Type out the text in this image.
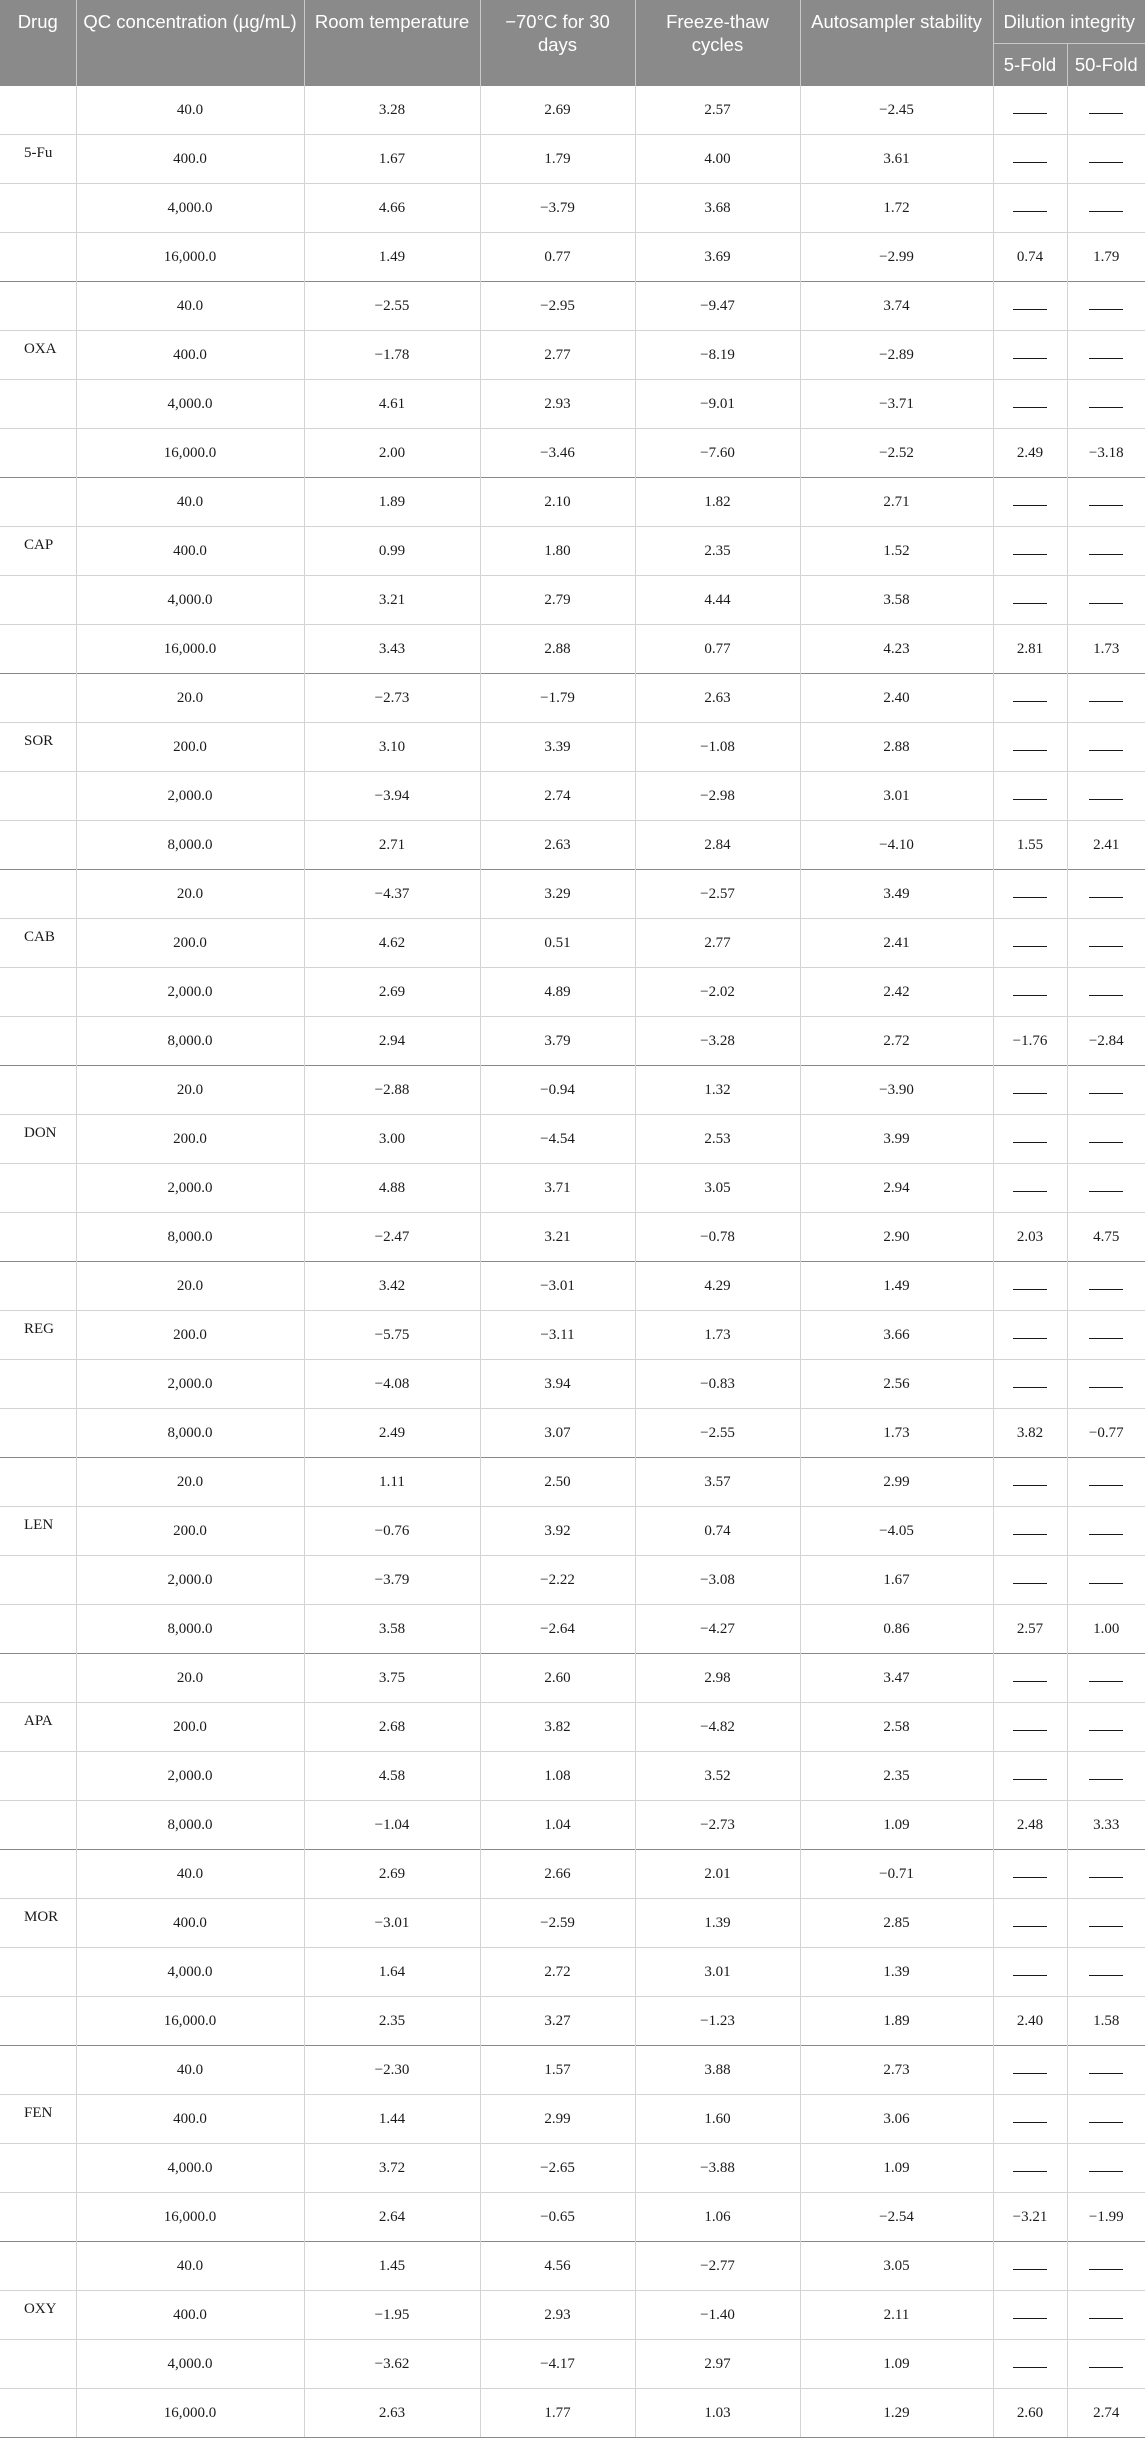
Drug	QC concentration (µg/mL)	Room temperature	−70°C for 30 days	Freeze-thaw cycles	Autosampler stability	Dilution integrity	
						5-Fold	50-Fold
	40.0	3.28	2.69	2.57	−2.45		
5-Fu	400.0	1.67	1.79	4.00	3.61		
	4,000.0	4.66	−3.79	3.68	1.72		
	16,000.0	1.49	0.77	3.69	−2.99	0.74	1.79
	40.0	−2.55	−2.95	−9.47	3.74		
OXA	400.0	−1.78	2.77	−8.19	−2.89		
	4,000.0	4.61	2.93	−9.01	−3.71		
	16,000.0	2.00	−3.46	−7.60	−2.52	2.49	−3.18
	40.0	1.89	2.10	1.82	2.71		
CAP	400.0	0.99	1.80	2.35	1.52		
	4,000.0	3.21	2.79	4.44	3.58		
	16,000.0	3.43	2.88	0.77	4.23	2.81	1.73
	20.0	−2.73	−1.79	2.63	2.40		
SOR	200.0	3.10	3.39	−1.08	2.88		
	2,000.0	−3.94	2.74	−2.98	3.01		
	8,000.0	2.71	2.63	2.84	−4.10	1.55	2.41
	20.0	−4.37	3.29	−2.57	3.49		
CAB	200.0	4.62	0.51	2.77	2.41		
	2,000.0	2.69	4.89	−2.02	2.42		
	8,000.0	2.94	3.79	−3.28	2.72	−1.76	−2.84
	20.0	−2.88	−0.94	1.32	−3.90		
DON	200.0	3.00	−4.54	2.53	3.99		
	2,000.0	4.88	3.71	3.05	2.94		
	8,000.0	−2.47	3.21	−0.78	2.90	2.03	4.75
	20.0	3.42	−3.01	4.29	1.49		
REG	200.0	−5.75	−3.11	1.73	3.66		
	2,000.0	−4.08	3.94	−0.83	2.56		
	8,000.0	2.49	3.07	−2.55	1.73	3.82	−0.77
	20.0	1.11	2.50	3.57	2.99		
LEN	200.0	−0.76	3.92	0.74	−4.05		
	2,000.0	−3.79	−2.22	−3.08	1.67		
	8,000.0	3.58	−2.64	−4.27	0.86	2.57	1.00
	20.0	3.75	2.60	2.98	3.47		
APA	200.0	2.68	3.82	−4.82	2.58		
	2,000.0	4.58	1.08	3.52	2.35		
	8,000.0	−1.04	1.04	−2.73	1.09	2.48	3.33
	40.0	2.69	2.66	2.01	−0.71		
MOR	400.0	−3.01	−2.59	1.39	2.85		
	4,000.0	1.64	2.72	3.01	1.39		
	16,000.0	2.35	3.27	−1.23	1.89	2.40	1.58
	40.0	−2.30	1.57	3.88	2.73		
FEN	400.0	1.44	2.99	1.60	3.06		
	4,000.0	3.72	−2.65	−3.88	1.09		
	16,000.0	2.64	−0.65	1.06	−2.54	−3.21	−1.99
	40.0	1.45	4.56	−2.77	3.05		
OXY	400.0	−1.95	2.93	−1.40	2.11		
	4,000.0	−3.62	−4.17	2.97	1.09		
	16,000.0	2.63	1.77	1.03	1.29	2.60	2.74
